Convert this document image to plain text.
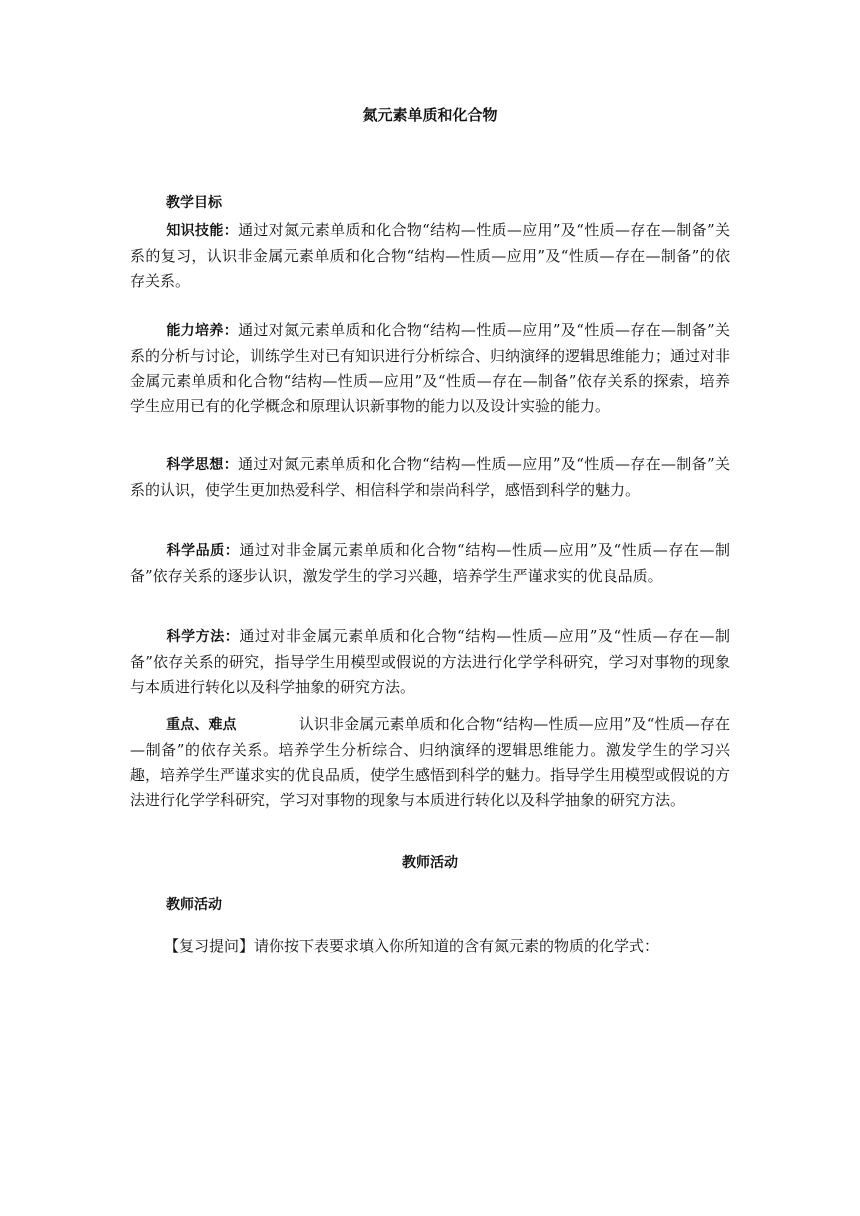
氮元素单质和化合物
教学目标

知识技能：通过对氮元素单质和化合物“结构—性质—应用”及“性质—存在—制备”关系的复习，认识非金属元素单质和化合物“结构—性质—应用”及“性质—存在—制备”的依存关系。

能力培养：通过对氮元素单质和化合物“结构—性质—应用”及“性质—存在—制备”关系的分析与讨论，训练学生对已有知识进行分析综合、归纳演绎的逻辑思维能力；通过对非金属元素单质和化合物“结构—性质—应用”及“性质—存在—制备”依存关系的探索，培养学生应用已有的化学概念和原理认识新事物的能力以及设计实验的能力。

科学思想：通过对氮元素单质和化合物“结构—性质—应用”及“性质—存在—制备”关系的认识，使学生更加热爱科学、相信科学和崇尚科学，感悟到科学的魅力。

科学品质：通过对非金属元素单质和化合物“结构—性质—应用”及“性质—存在—制备”依存关系的逐步认识，激发学生的学习兴趣，培养学生严谨求实的优良品质。

科学方法：通过对非金属元素单质和化合物“结构—性质—应用”及“性质—存在—制备”依存关系的研究，指导学生用模型或假说的方法进行化学学科研究，学习对事物的现象与本质进行转化以及科学抽象的研究方法。

重点、难点	认识非金属元素单质和化合物“结构—性质—应用”及“性质—存在—制备”的依存关系。培养学生分析综合、归纳演绎的逻辑思维能力。激发学生的学习兴趣，培养学生严谨求实的优良品质，使学生感悟到科学的魅力。指导学生用模型或假说的方法进行化学学科研究，学习对事物的现象与本质进行转化以及科学抽象的研究方法。

教师活动
教师活动
【复习提问】请你按下表要求填入你所知道的含有氮元素的物质的化学式：
